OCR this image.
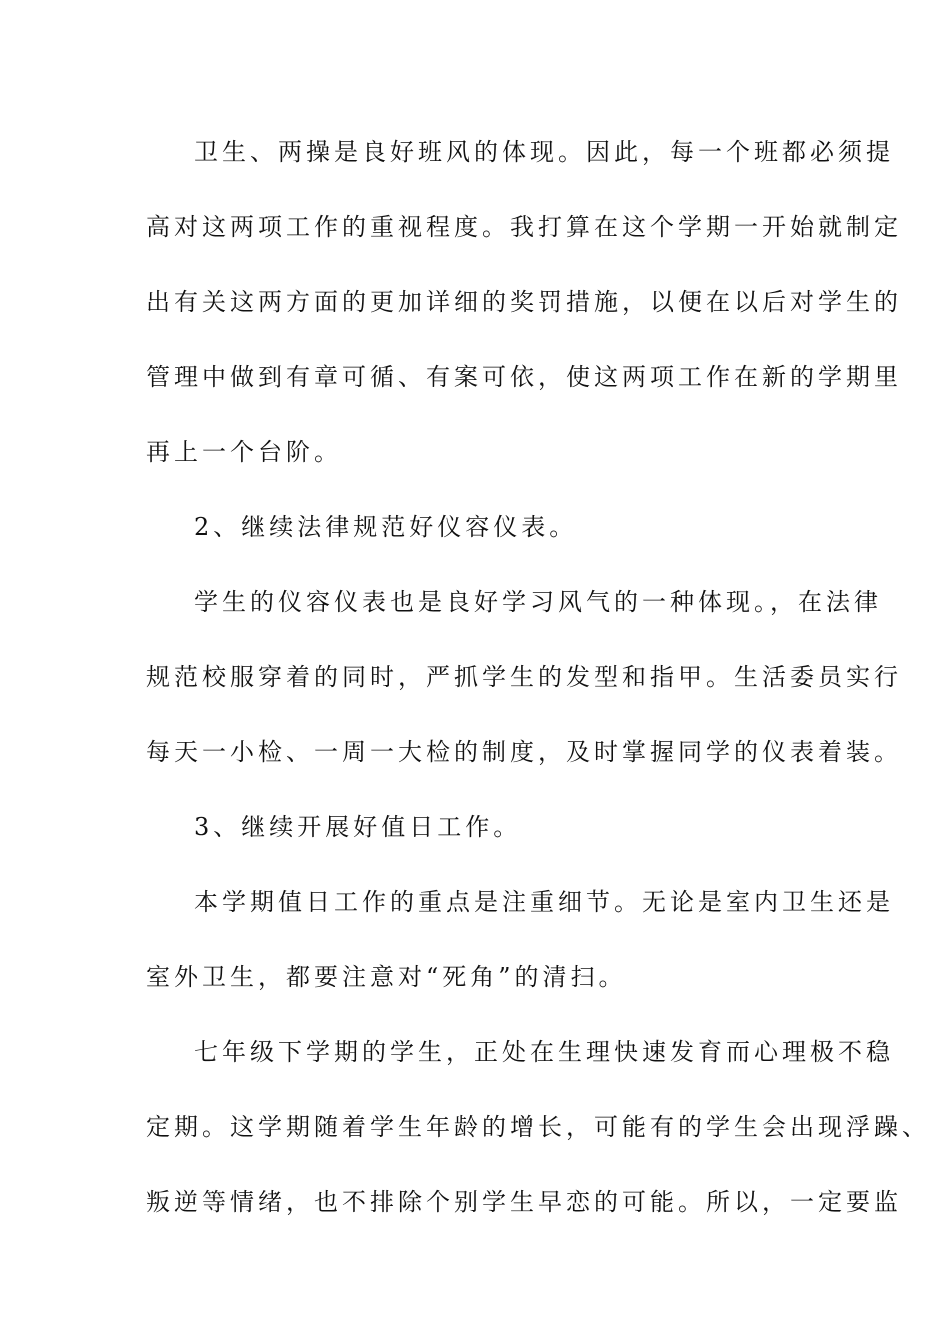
卫生、两操是良好班风的体现。因此，每一个班都必须提
高对这两项工作的重视程度。我打算在这个学期一开始就制定
出有关这两方面的更加详细的奖罚措施，以便在以后对学生的
管理中做到有章可循、有案可依，使这两项工作在新的学期里
再上一个台阶。
2、继续法律规范好仪容仪表。
学生的仪容仪表也是良好学习风气的一种体现。，在法律
规范校服穿着的同时，严抓学生的发型和指甲。生活委员实行
每天一小检、一周一大检的制度，及时掌握同学的仪表着装。
3、继续开展好值日工作。
本学期值日工作的重点是注重细节。无论是室内卫生还是
室外卫生，都要注意对“死角”的清扫。
七年级下学期的学生，正处在生理快速发育而心理极不稳
定期。这学期随着学生年龄的增长，可能有的学生会出现浮躁、
叛逆等情绪，也不排除个别学生早恋的可能。所以，一定要监
